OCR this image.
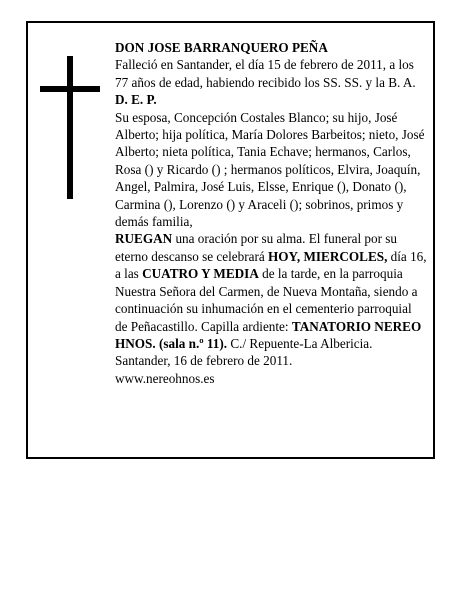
DON JOSE BARRANQUERO PEÑA

Falleció en Santander, el día 15 de febrero de 2011, a los 77 años de edad, habiendo recibido los SS. SS. y la B. A.

D. E. P.

Su esposa, Concepción Costales Blanco; su hijo, José Alberto; hija política, María Dolores Barbeitos; nieto, José Alberto; nieta política, Tania Echave; hermanos, Carlos, Rosa () y Ricardo () ; hermanos políticos, Elvira, Joaquín, Angel, Palmira, José Luis, Elsse, Enrique (), Donato (), Carmina (), Lorenzo () y Araceli (); sobrinos, primos y demás familia,

RUEGAN una oración por su alma. El funeral por su eterno descanso se celebrará HOY, MIERCOLES, día 16, a las CUATRO Y MEDIA de la tarde, en la parroquia Nuestra Señora del Carmen, de Nueva Montaña, siendo a continuación su inhumación en el cementerio parroquial de Peñacastillo. Capilla ardiente: TANATORIO NEREO HNOS. (sala n.º 11). C./ Repuente-La Albericia.

Santander, 16 de febrero de 2011.

www.nereohnos.es
